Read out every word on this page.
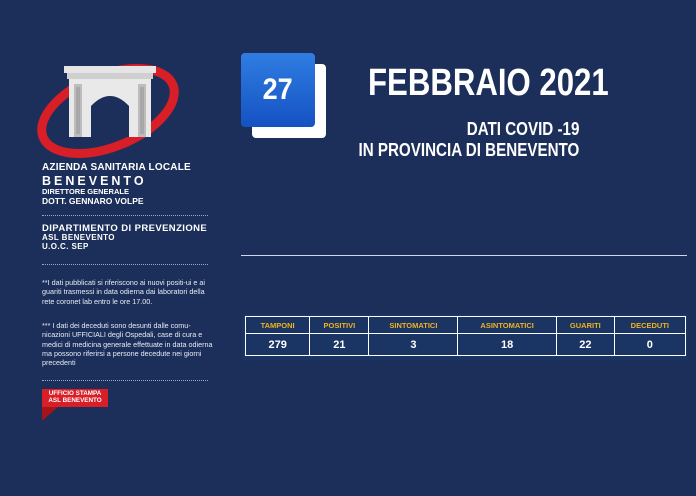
AZIENDA SANITARIA LOCALE
BENEVENTO
DIRETTORE GENERALE
DOTT. GENNARO VOLPE
DIPARTIMENTO DI PREVENZIONE
ASL BENEVENTO
U.O.C. SEP
**I dati pubblicati si riferiscono ai nuovi positi-ui e ai guariti trasmessi in data odierna dai laboratori della rete coronet lab entro le ore 17.00.
*** I dati dei deceduti sono desunti dalle comu-nicazioni UFFICIALI degli Ospedali, case di cura e medici di medicina generale effettuate in data odierna ma possono riferirsi a persone decedute nei giorni precedenti
UFFICIO STAMPA
ASL BENEVENTO
27 FEBBRAIO 2021
DATI COVID -19
IN PROVINCIA DI BENEVENTO
TAMPONI	POSITIVI	SINTOMATICI	ASINTOMATICI	GUARITI	DECEDUTI
279	21	3	18	22	0
